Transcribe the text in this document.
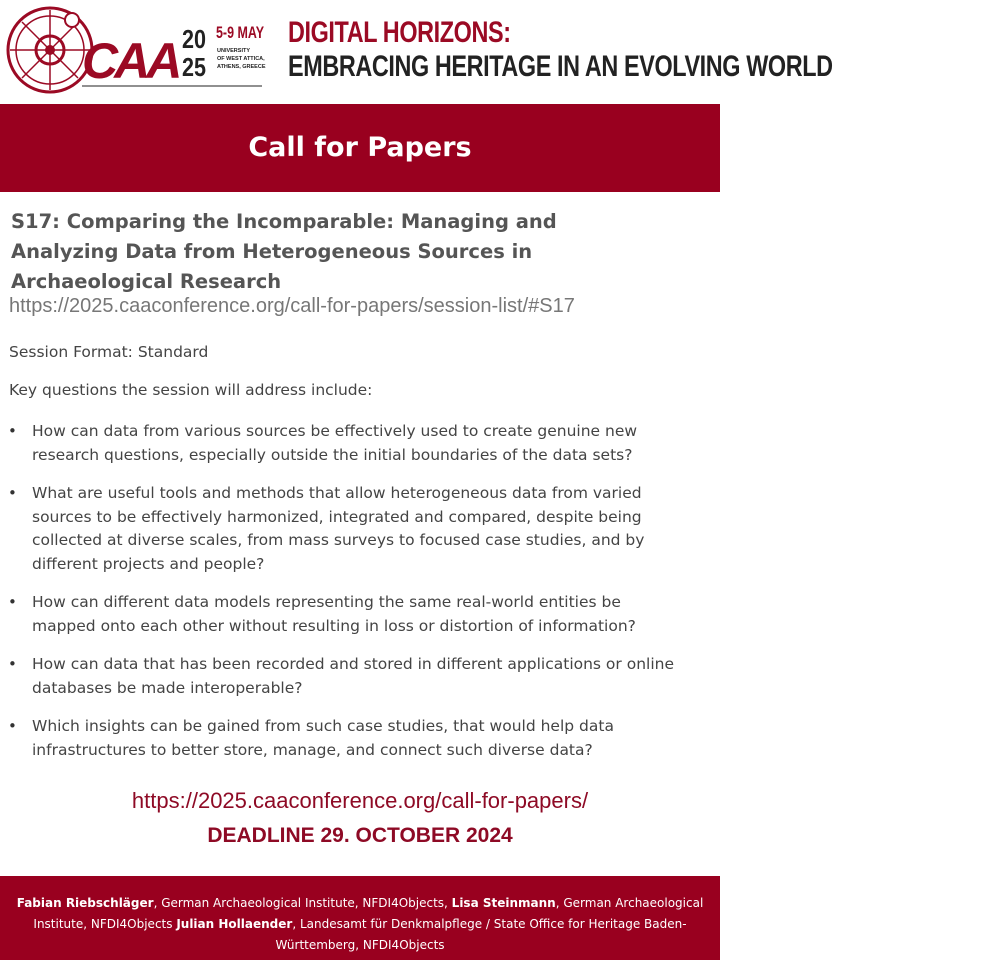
CAA 20
25
5-9 MAY
UNIVERSITY
OF WEST ATTICA,
ATHENS, GREECE
DIGITAL HORIZONS:
EMBRACING HERITAGE IN AN EVOLVING WORLD
Call for Papers
S17: Comparing the Incomparable: Managing and Analyzing Data from Heterogeneous Sources in Archaeological Research
https://2025.caaconference.org/call-for-papers/session-list/#S17
Session Format: Standard
Key questions the session will address include:
• How can data from various sources be effectively used to create genuine new research questions, especially outside the initial boundaries of the data sets?
• What are useful tools and methods that allow heterogeneous data from varied sources to be effectively harmonized, integrated and compared, despite being collected at diverse scales, from mass surveys to focused case studies, and by different projects and people?
• How can different data models representing the same real-world entities be mapped onto each other without resulting in loss or distortion of information?
• How can data that has been recorded and stored in different applications or online databases be made interoperable?
• Which insights can be gained from such case studies, that would help data infrastructures to better store, manage, and connect such diverse data?
https://2025.caaconference.org/call-for-papers/
DEADLINE 29. OCTOBER 2024
Fabian Riebschläger, German Archaeological Institute, NFDI4Objects, Lisa Steinmann, German Archaeological Institute, NFDI4Objects Julian Hollaender, Landesamt für Denkmalpflege / State Office for Heritage Baden-Württemberg, NFDI4Objects
